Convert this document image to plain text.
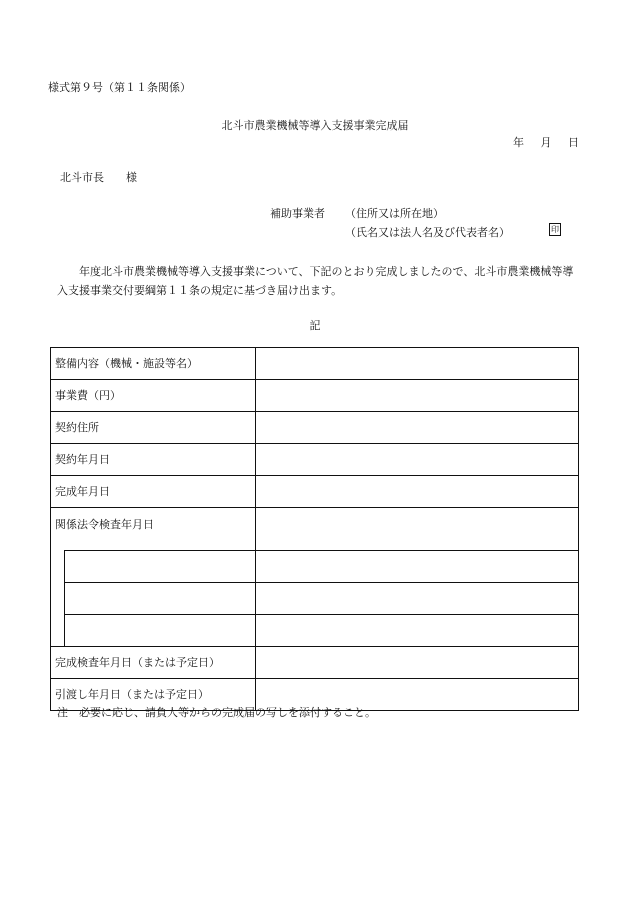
様式第９号（第１１条関係）
北斗市農業機械等導入支援事業完成届
年 月 日
北斗市長 様
補助事業者 （住所又は所在地）
（氏名又は法人名及び代表者名）	印
年度北斗市農業機械等導入支援事業について、下記のとおり完成しましたので、北斗市農業機械等導入支援事業交付要綱第１１条の規定に基づき届け出ます。
記
整備内容（機械・施設等名）		
事業費（円）		
契約住所		
契約年月日		
完成年月日		
関係法令検査年月日		

完成検査年月日（または予定日）		
引渡し年月日（または予定日）		
注　必要に応じ、請負人等からの完成届の写しを添付すること。
